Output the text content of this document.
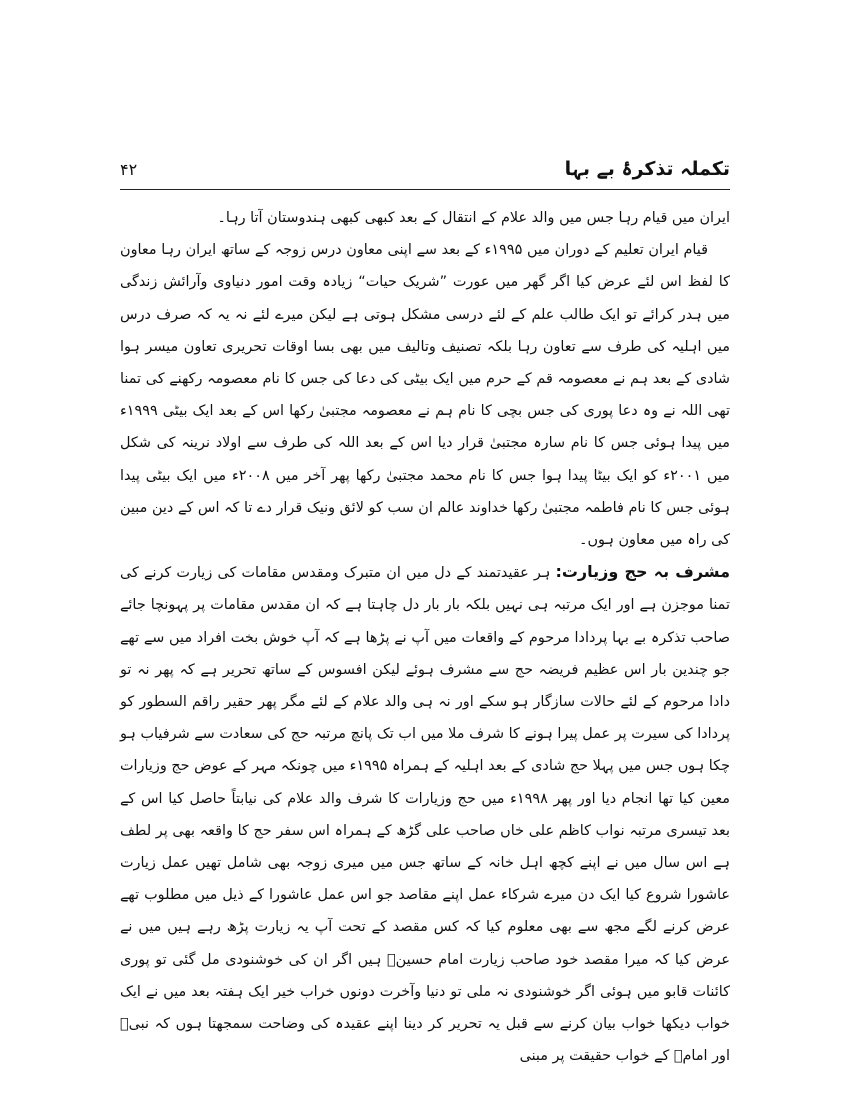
تکملہ تذکرۂ بے بہا
۴۲

ایران میں قیام رہا جس میں والد علام کے انتقال کے بعد کبھی کبھی ہندوستان آتا رہا۔

قیام ایران تعلیم کے دوران میں ۱۹۹۵ء کے بعد سے اپنی معاون درس زوجہ کے ساتھ ایران رہا معاون کا لفظ اس لئے عرض کیا اگر گھر میں عورت ”شریک حیات“ زیادہ وقت امور دنیاوی وآرائش زندگی میں ہدر کرائے تو ایک طالب علم کے لئے درسی مشکل ہوتی ہے لیکن میرے لئے نہ یہ کہ صرف درس میں اہلیہ کی طرف سے تعاون رہا بلکہ تصنیف وتالیف میں بھی بسا اوقات تحریری تعاون میسر ہوا شادی کے بعد ہم نے معصومہ قم کے حرم میں ایک بیٹی کی دعا کی جس کا نام معصومہ رکھنے کی تمنا تھی اللہ نے وہ دعا پوری کی جس بچی کا نام ہم نے معصومہ مجتبیٰ رکھا اس کے بعد ایک بیٹی ۱۹۹۹ء میں پیدا ہوئی جس کا نام سارہ مجتبیٰ قرار دیا اس کے بعد اللہ کی طرف سے اولاد نرینہ کی شکل میں ۲۰۰۱ء کو ایک بیٹا پیدا ہوا جس کا نام محمد مجتبیٰ رکھا پھر آخر میں ۲۰۰۸ء میں ایک بیٹی پیدا ہوئی جس کا نام فاطمہ مجتبیٰ رکھا خداوند عالم ان سب کو لائق ونیک قرار دے تا کہ اس کے دین مبین کی راہ میں معاون ہوں۔

مشرف بہ حج وزیارت: ہر عقیدتمند کے دل میں ان متبرک ومقدس مقامات کی زیارت کرنے کی تمنا موجزن ہے اور ایک مرتبہ ہی نہیں بلکہ بار بار دل چاہتا ہے کہ ان مقدس مقامات پر پہونچا جائے صاحب تذکرہ بے بہا پردادا مرحوم کے واقعات میں آپ نے پڑھا ہے کہ آپ خوش بخت افراد میں سے تھے جو چندین بار اس عظیم فریضہ حج سے مشرف ہوئے لیکن افسوس کے ساتھ تحریر ہے کہ پھر نہ تو دادا مرحوم کے لئے حالات سازگار ہو سکے اور نہ ہی والد علام کے لئے مگر پھر حقیر راقم السطور کو پردادا کی سیرت پر عمل پیرا ہونے کا شرف ملا میں اب تک پانچ مرتبہ حج کی سعادت سے شرفیاب ہو چکا ہوں جس میں پہلا حج شادی کے بعد اہلیہ کے ہمراہ ۱۹۹۵ء میں چونکہ مہر کے عوض حج وزیارات معین کیا تھا انجام دیا اور پھر ۱۹۹۸ء میں حج وزیارات کا شرف والد علام کی نیابتاً حاصل کیا اس کے بعد تیسری مرتبہ نواب کاظم علی خاں صاحب علی گڑھ کے ہمراہ اس سفر حج کا واقعہ بھی پر لطف ہے اس سال میں نے اپنے کچھ اہل خانہ کے ساتھ جس میں میری زوجہ بھی شامل تھیں عمل زیارت عاشورا شروع کیا ایک دن میرے شرکاء عمل اپنے مقاصد جو اس عمل عاشورا کے ذیل میں مطلوب تھے عرض کرنے لگے مجھ سے بھی معلوم کیا کہ کس مقصد کے تحت آپ یہ زیارت پڑھ رہے ہیں میں نے عرض کیا کہ میرا مقصد خود صاحب زیارت امام حسینؑ ہیں اگر ان کی خوشنودی مل گئی تو پوری کائنات قابو میں ہوئی اگر خوشنودی نہ ملی تو دنیا وآخرت دونوں خراب خیر ایک ہفتہ بعد میں نے ایک خواب دیکھا خواب بیان کرنے سے قبل یہ تحریر کر دینا اپنے عقیدہ کی وضاحت سمجھتا ہوں کہ نبیؐ اور امامؑ کے خواب حقیقت پر مبنی
